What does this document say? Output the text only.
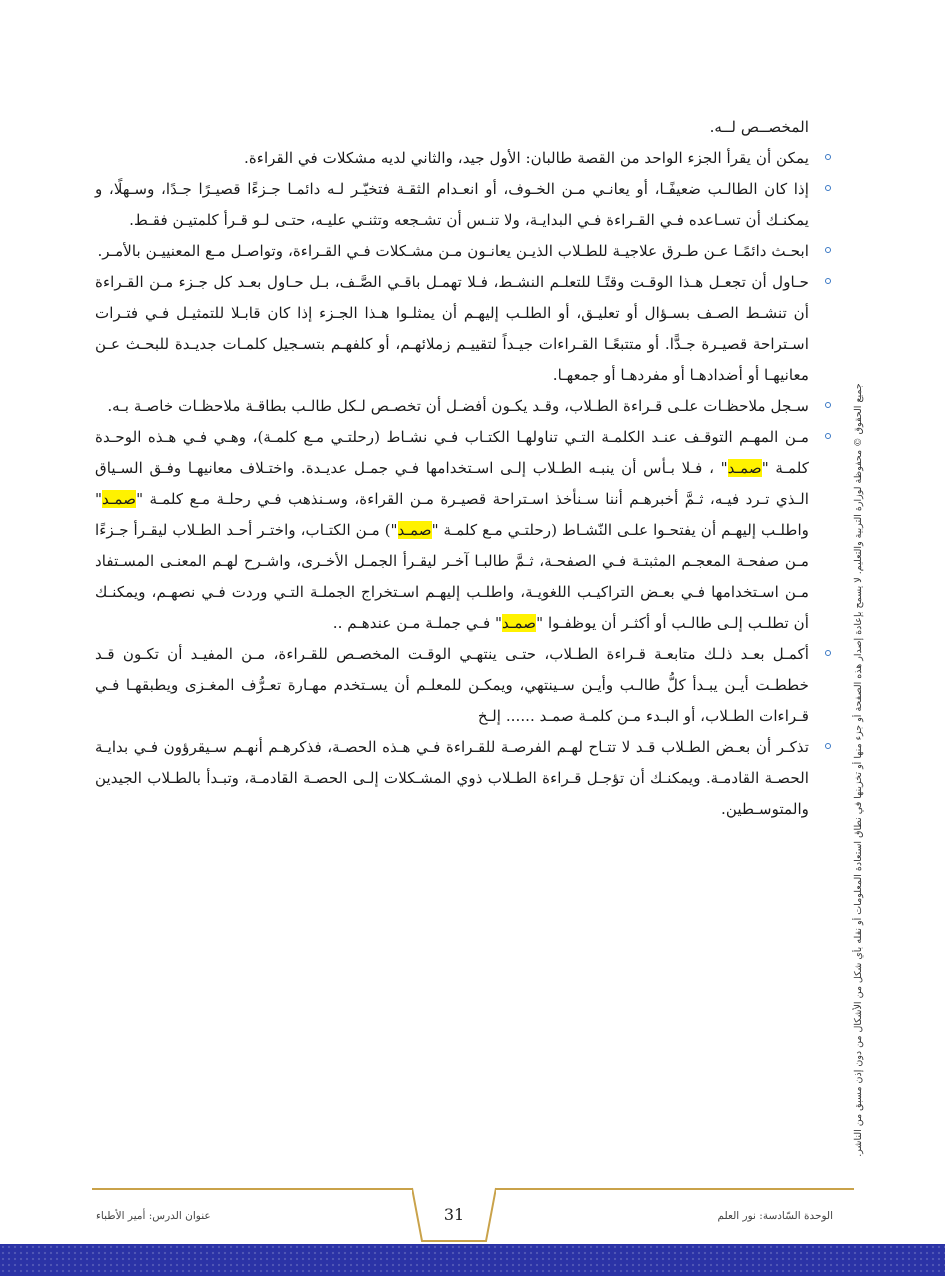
المخصــص لــه.

يمكن أن يقرأ الجزء الواحد من القصة طالبان: الأول جيد، والثاني لديه مشكلات في القراءة.

إذا كان الطالـب ضعيفًـا، أو يعانـي مـن الخـوف، أو انعـدام الثقـة فتخيّـر لـه دائمـا جـزءًا قصيـرًا جـدًا، وسـهلًا، و يمكنـك أن تسـاعده فـي القـراءة فـي البدايـة، ولا تنـس أن تشـجعه وتثنـي عليـه، حتـى لـو قـرأ كلمتيـن فقـط.

ابحـث دائمًـا عـن طـرق علاجيـة للطـلاب الذيـن يعانـون مـن مشـكلات فـي القـراءة، وتواصـل مـع المعنييـن بالأمـر.

حـاول أن تجعـل هـذا الوقـت وقتًـا للتعلـم النشـط، فـلا تهمـل باقـي الصَّـف، بـل حـاول بعـد كل جـزء مـن القـراءة أن تنشـط الصـف بسـؤال أو تعليـق، أو الطلـب إليهـم أن يمثلـوا هـذا الجـزء إذا كان قابـلا للتمثيـل فـي فتـرات اسـتراحة قصيـرة جـدًّا. أو متتبعًـا القـراءات جيـداً لتقييـم زملائهـم، أو كلفهـم بتسـجيل كلمـات جديـدة للبحـث عـن معانيهـا أو أضدادهـا أو مفردهـا أو جمعهـا.

سـجل ملاحظـات علـى قـراءة الطـلاب، وقـد يكـون أفضـل أن تخصـص لـكل طالـب بطاقـة ملاحظـات خاصـة بـه.

مـن المهـم التوقـف عنـد الكلمـة التـي تناولهـا الكتـاب فـي نشـاط (رحلتـي مـع كلمـة)، وهـي فـي هـذه الوحـدة كلمـة "صمـد" ، فـلا بـأس أن ينبـه الطـلاب إلـى اسـتخدامها فـي جمـل عديـدة. واختـلاف معانيهـا وفـق السـياق الـذي تـرد فيـه، ثـمَّ أخبرهـم أننا سـنأخذ اسـتراحة قصيـرة مـن القراءة، وسـنذهب فـي رحلـة مـع كلمـة "صمـد" واطلـب إليهـم أن يفتحـوا علـى النّشـاط (رحلتـي مـع كلمـة "صمـد") مـن الكتـاب، واختـر أحـد الطـلاب ليقـرأ جـزءًا مـن صفحـة المعجـم المثبتـة فـي الصفحـة، ثـمَّ طالبـا آخـر ليقـرأ الجمـل الأخـرى، واشـرح لهـم المعنـى المسـتفاد مـن اسـتخدامها فـي بعـض التراكيـب اللغويـة، واطلـب إليهـم اسـتخراج الجملـة التـي وردت فـي نصهـم، ويمكنـك أن تطلـب إلـى طالـب أو أكثـر أن يوظفـوا "صمـد" فـي جملـة مـن عندهـم ..

أكمـل بعـد ذلـك متابعـة قـراءة الطـلاب، حتـى ينتهـي الوقـت المخصـص للقـراءة، مـن المفيـد أن تكـون قـد خططـت أيـن يبـدأ كلُّ طالـب وأيـن سـينتهي، ويمكـن للمعلـم أن يسـتخدم مهـارة تعـرُّف المغـزى ويطبقهـا فـي قـراءات الطـلاب، أو البـدء مـن كلمـة صمـد ...... إلـخ

تذكـر أن بعـض الطـلاب قـد لا تتـاح لهـم الفرصـة للقـراءة فـي هـذه الحصـة، فذكرهـم أنهـم سـيقرؤون فـي بدايـة الحصـة القادمـة. ويمكنـك أن تؤجـل قـراءة الطـلاب ذوي المشـكلات إلـى الحصـة القادمـة، وتبـدأ بالطـلاب الجيدين والمتوسـطين.	جميع الحقوق © محفوظة لوزارة التربية والتعليم. لا يسمح بإعادة إصدار هذه الصفحة أو جزء منها أو تخزينها في نطاق استعادة المعلومات أو نقله بأي شكل من الأشكال من دون إذن مسبق من الناشر.
31	الوحدة السّادسة: نور العلم
عنوان الدرس: أمير الأطباء
